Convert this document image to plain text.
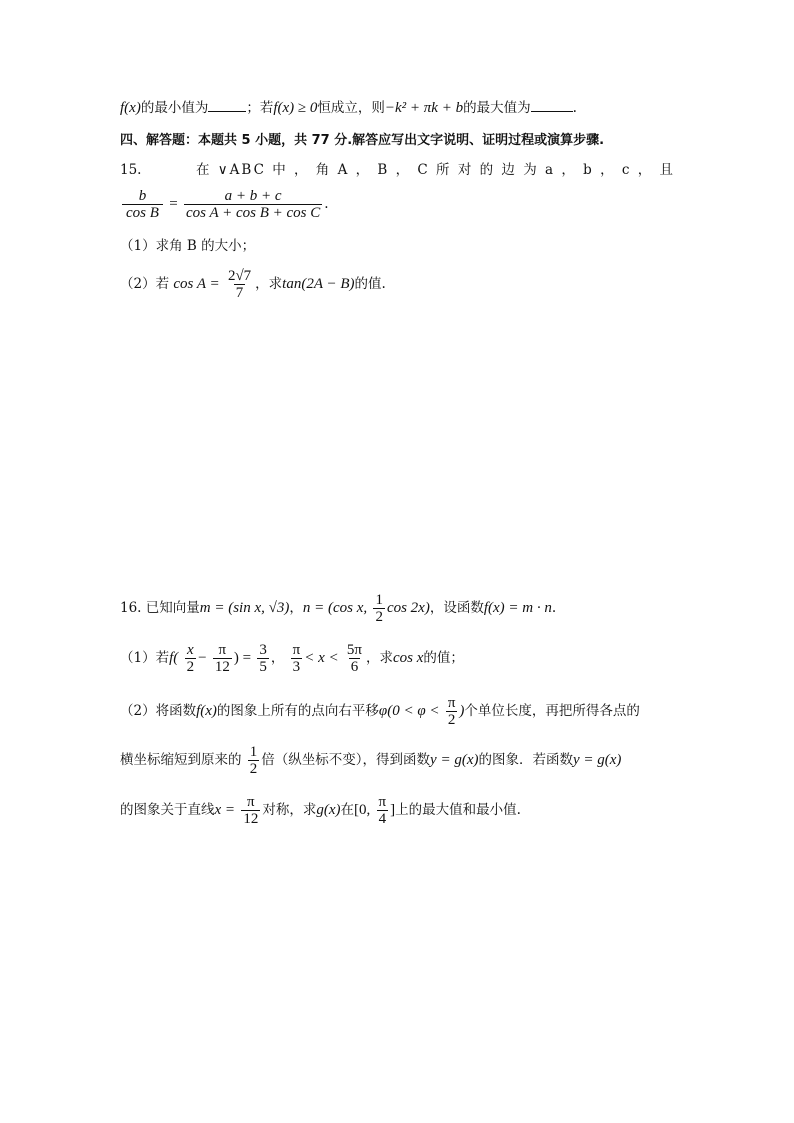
f(x)的最小值为	；若f(x) ≥ 0恒成立，则−k² + πk + b的最大值为	.
四、解答题：本题共 5 小题，共 77 分.解答应写出文字说明、证明过程或演算步骤.
15.	在 ∨ABC 中 ， 角 A ， B ， C 所 对 的 边 为 a ， b ， c ， 且
$\frac{b}{\text{cos B}} = \frac{a + b + c}{\text{cos A + cos B + cos C}}$ .
（1）求角 B 的大小；
（2）若 $\cos A = \frac{2√7}{7}$ ，求tan(2A − B)的值.
16. 已知向量m = (sin x, √3)，n = (cos x, $\frac{1}{2}$ cos 2x)，设函数f(x) = m · n.
（1）若$f( \frac{x}{2} - \frac{\pi}{12}$ ) = $\frac{3}{5}$ ， $\frac{\pi}{3} < x < \frac{5\pi}{6}$ ，求cos x的值；
（2）将函数f(x)的图象上所有的点向右平移$\varphi(0 < \varphi < \frac{\pi}{2}$ )个单位长度，再把所得各点的
横坐标缩短到原来的 $\frac{1}{2}$ 倍（纵坐标不变），得到函数y = g(x)的图象．若函数y = g(x)
的图象关于直线$x = \frac{\pi}{12}$ 对称，求g(x)在[0, $\frac{\pi}{4}$ ]上的最大值和最小值.
